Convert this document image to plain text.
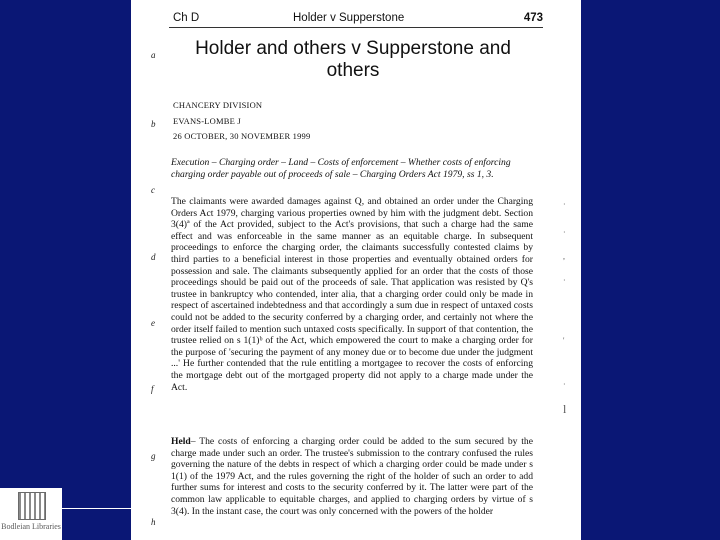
Bodleian Libraries
Ch D	Holder v Supperstone	473
a
b
c
d
e
f
g
h
Holder and others v Supperstone and others
CHANCERY DIVISION
EVANS-LOMBE J
26 OCTOBER, 30 NOVEMBER 1999
Execution – Charging order – Land – Costs of enforcement – Whether costs of enforcing charging order payable out of proceeds of sale – Charging Orders Act 1979, ss 1, 3.
The claimants were awarded damages against Q, and obtained an order under the Charging Orders Act 1979, charging various properties owned by him with the judgment debt. Section 3(4)ª of the Act provided, subject to the Act's provisions, that such a charge had the same effect and was enforceable in the same manner as an equitable charge. In subsequent proceedings to enforce the charging order, the claimants successfully contested claims by third parties to a beneficial interest in those properties and eventually obtained orders for possession and sale. The claimants subsequently applied for an order that the costs of those proceedings should be paid out of the proceeds of sale. That application was resisted by Q's trustee in bankruptcy who contended, inter alia, that a charging order could only be made in respect of ascertained indebtedness and that accordingly a sum due in respect of untaxed costs could not be added to the security conferred by a charging order, and certainly not where the order itself failed to mention such untaxed costs specifically. In support of that contention, the trustee relied on s 1(1)ᵇ of the Act, which empowered the court to make a charging order for the purpose of 'securing the payment of any money due or to become due under the judgment ...' He further contended that the rule entitling a mortgagee to recover the costs of enforcing the mortgage debt out of the mortgaged property did not apply to a charge made under the Act.
Held– The costs of enforcing a charging order could be added to the sum secured by the charge made under such an order. The trustee's submission to the contrary confused the rules governing the nature of the debts in respect of which a charging order could be made under s 1(1) of the 1979 Act, and the rules governing the right of the holder of such an order to add further sums for interest and costs to the security conferred by it. The latter were part of the common law applicable to equitable charges, and applied to charging orders by virtue of s 3(4). In the instant case, the court was only concerned with the powers of the holder
·
·
,
·
'
·
l
